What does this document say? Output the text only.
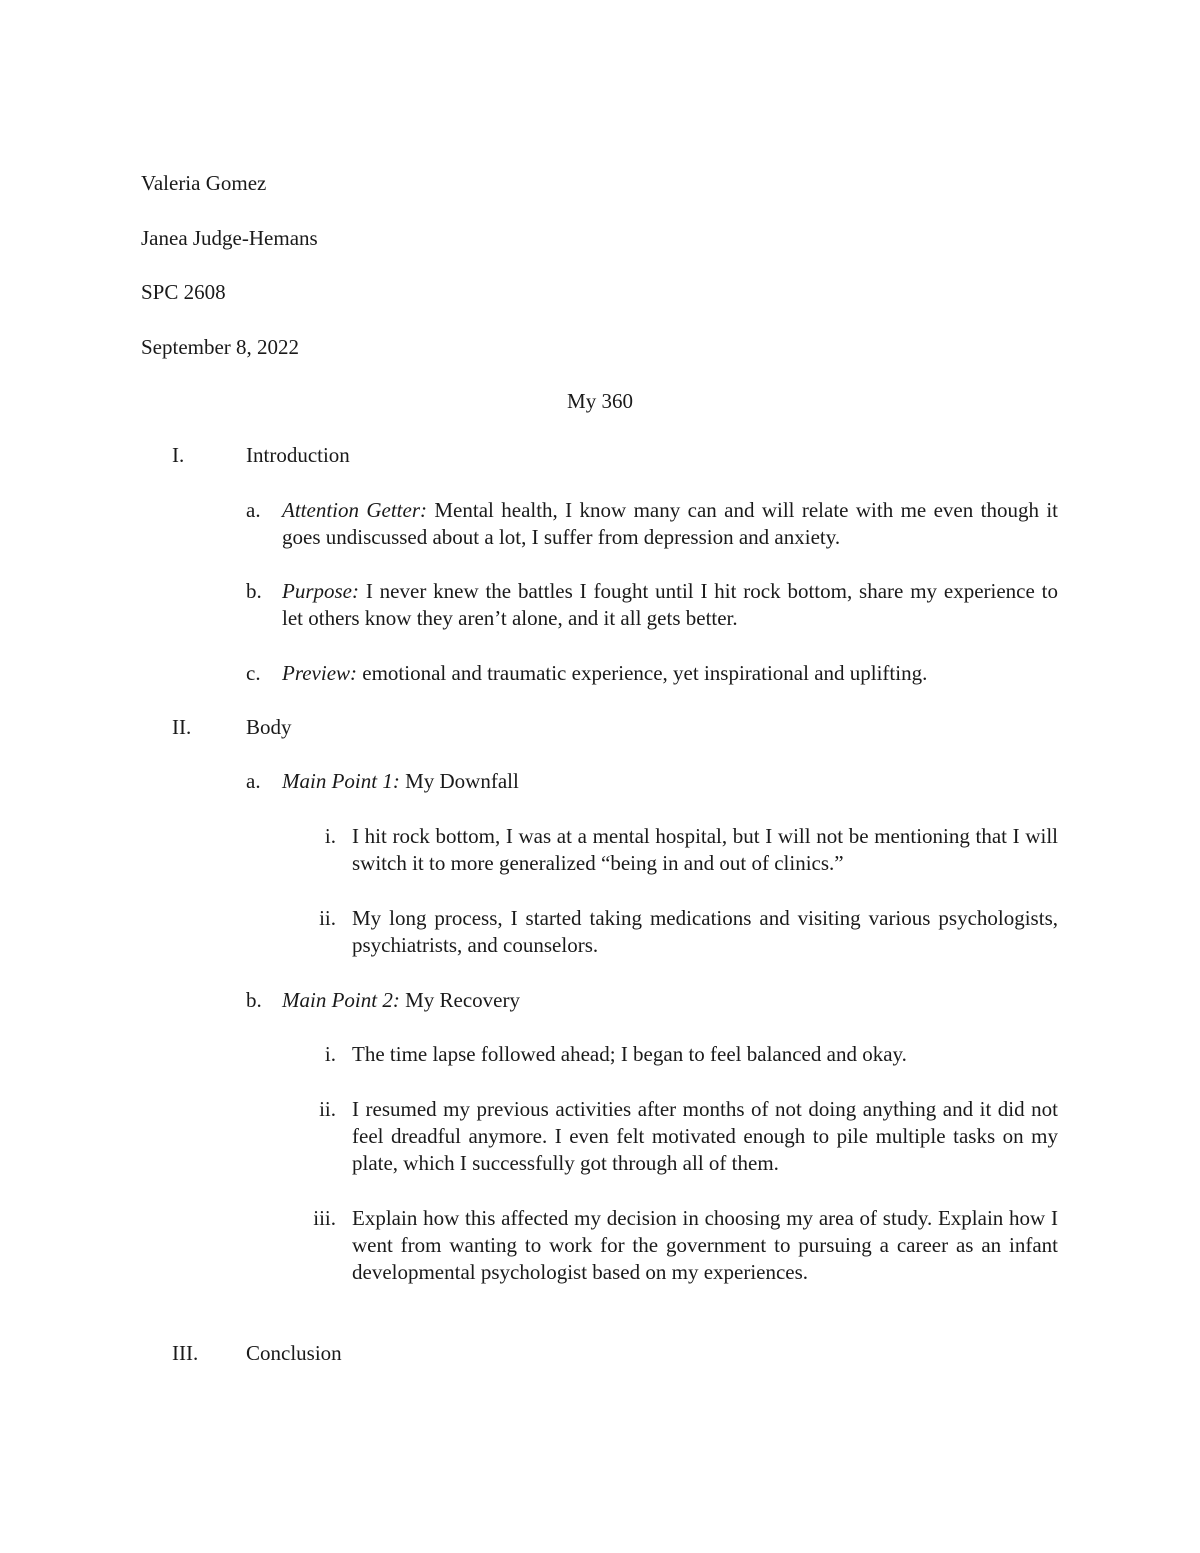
Valeria Gomez
Janea Judge-Hemans
SPC 2608
September 8, 2022
My 360
I.	Introduction
a. Attention Getter: Mental health, I know many can and will relate with me even though it goes undiscussed about a lot, I suffer from depression and anxiety.
b. Purpose: I never knew the battles I fought until I hit rock bottom, share my experience to let others know they aren’t alone, and it all gets better.
c. Preview: emotional and traumatic experience, yet inspirational and uplifting.
II.	Body
a. Main Point 1: My Downfall
i. I hit rock bottom, I was at a mental hospital, but I will not be mentioning that I will switch it to more generalized “being in and out of clinics.”
ii. My long process, I started taking medications and visiting various psychologists, psychiatrists, and counselors.
b. Main Point 2: My Recovery
i. The time lapse followed ahead; I began to feel balanced and okay.
ii. I resumed my previous activities after months of not doing anything and it did not feel dreadful anymore. I even felt motivated enough to pile multiple tasks on my plate, which I successfully got through all of them.
iii. Explain how this affected my decision in choosing my area of study. Explain how I went from wanting to work for the government to pursuing a career as an infant developmental psychologist based on my experiences.
III. Conclusion
